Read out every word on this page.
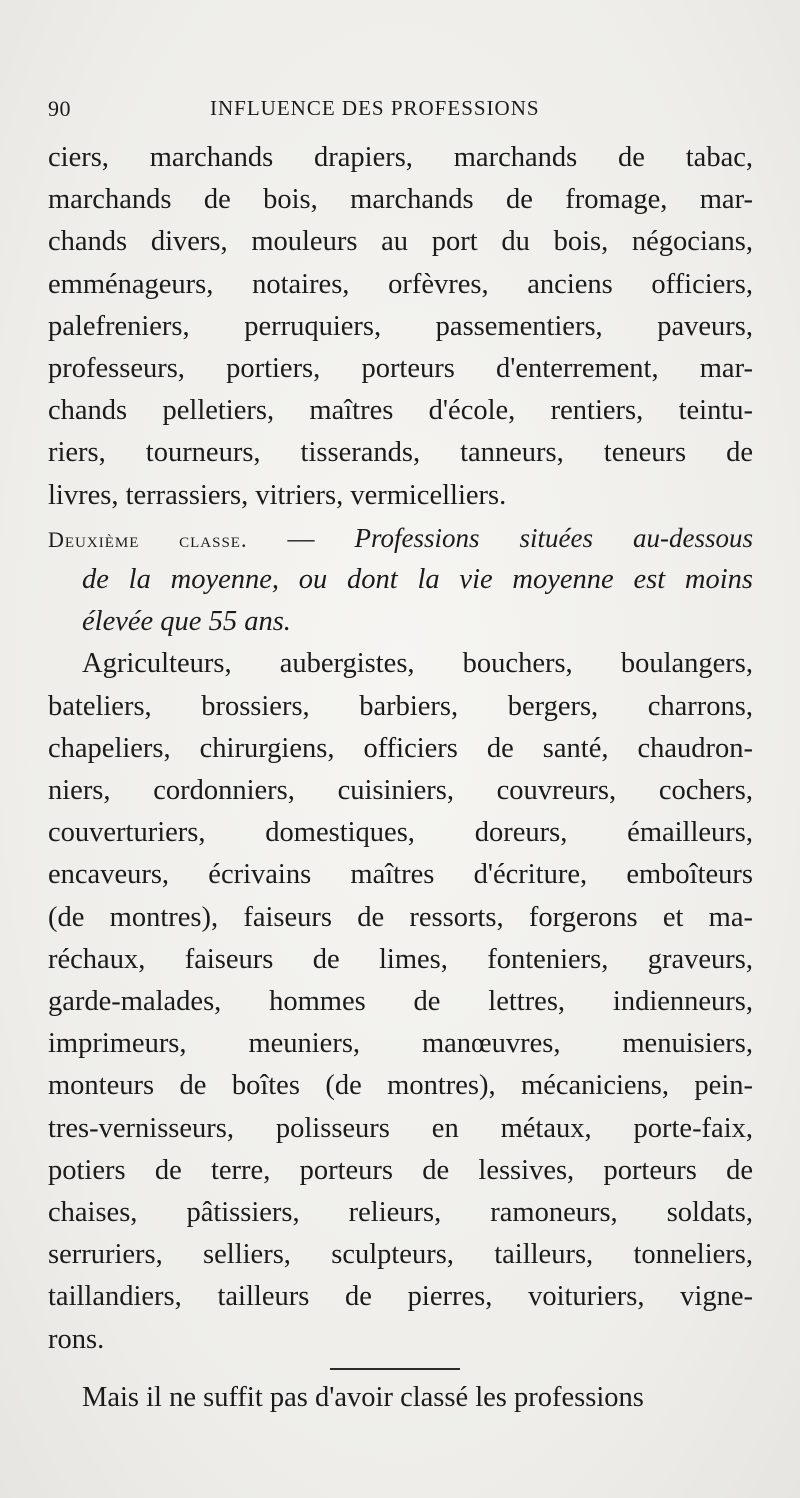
90	INFLUENCE DES PROFESSIONS
ciers, marchands drapiers, marchands de tabac,
marchands de bois, marchands de fromage, mar-
chands divers, mouleurs au port du bois, négocians,
emménageurs, notaires, orfèvres, anciens officiers,
palefreniers, perruquiers, passementiers, paveurs,
professeurs, portiers, porteurs d'enterrement, mar-
chands pelletiers, maîtres d'école, rentiers, teintu-
riers, tourneurs, tisserands, tanneurs, teneurs de
livres, terrassiers, vitriers, vermicelliers.
Deuxième classe. — Professions situées au-dessous
de la moyenne, ou dont la vie moyenne est moins
élevée que 55 ans.
Agriculteurs, aubergistes, bouchers, boulangers,
bateliers, brossiers, barbiers, bergers, charrons,
chapeliers, chirurgiens, officiers de santé, chaudron-
niers, cordonniers, cuisiniers, couvreurs, cochers,
couverturiers, domestiques, doreurs, émailleurs,
encaveurs, écrivains maîtres d'écriture, emboîteurs
(de montres), faiseurs de ressorts, forgerons et ma-
réchaux, faiseurs de limes, fonteniers, graveurs,
garde-malades, hommes de lettres, indienneurs,
imprimeurs, meuniers, manœuvres, menuisiers,
monteurs de boîtes (de montres), mécaniciens, pein-
tres-vernisseurs, polisseurs en métaux, porte-faix,
potiers de terre, porteurs de lessives, porteurs de
chaises, pâtissiers, relieurs, ramoneurs, soldats,
serruriers, selliers, sculpteurs, tailleurs, tonneliers,
taillandiers, tailleurs de pierres, voituriers, vigne-
rons.
Mais il ne suffit pas d'avoir classé les professions
